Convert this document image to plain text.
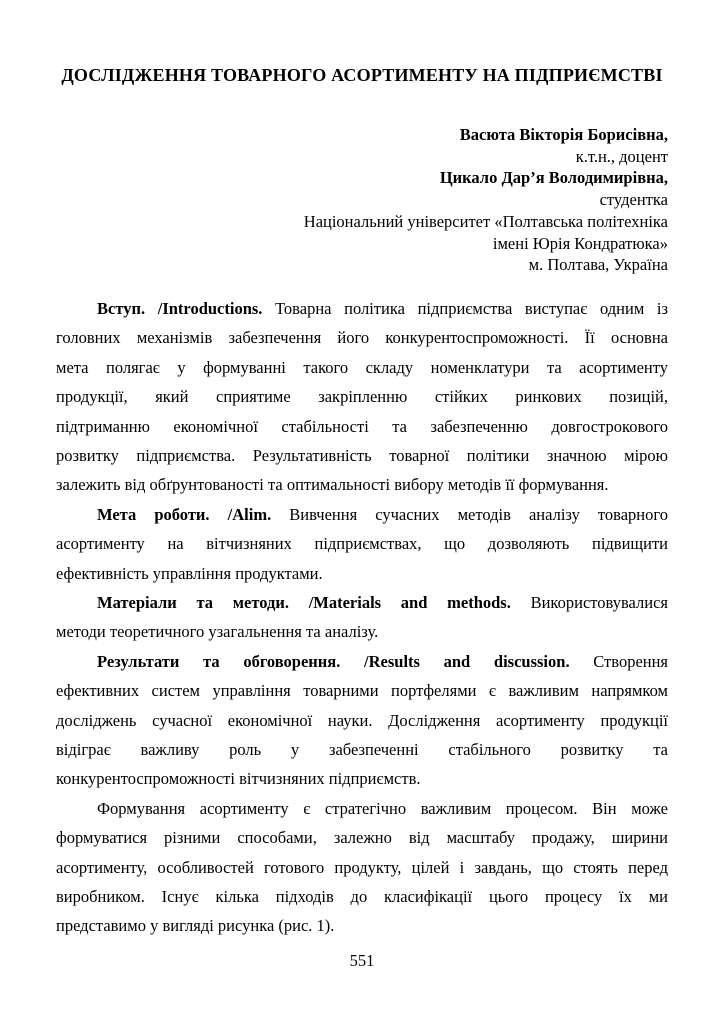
ДОСЛІДЖЕННЯ ТОВАРНОГО АСОРТИМЕНТУ НА ПІДПРИЄМСТВІ
Васюта Вікторія Борисівна,
к.т.н., доцент
Цикало Дар’я Володимирівна,
студентка
Національний університет «Полтавська політехніка
імені Юрія Кондратюка»
м. Полтава, Україна
Вступ. /Introductions. Товарна політика підприємства виступає одним із
головних механізмів забезпечення його конкурентоспроможності. Її основна
мета полягає у формуванні такого складу номенклатури та асортименту
продукції, який сприятиме закріпленню стійких ринкових позицій,
підтриманню економічної стабільності та забезпеченню довгострокового
розвитку підприємства. Результативність товарної політики значною мірою
залежить від обґрунтованості та оптимальності вибору методів її формування.
Мета роботи. /Alim. Вивчення сучасних методів аналізу товарного
асортименту на вітчизняних підприємствах, що дозволяють підвищити
ефективність управління продуктами.
Матеріали та методи. /Materials and methods. Використовувалися
методи теоретичного узагальнення та аналізу.
Результати та обговорення. /Results and discussion. Створення
ефективних систем управління товарними портфелями є важливим напрямком
досліджень сучасної економічної науки. Дослідження асортименту продукції
відіграє важливу роль у забезпеченні стабільного розвитку та
конкурентоспроможності вітчизняних підприємств.
Формування асортименту є стратегічно важливим процесом. Він може
формуватися різними способами, залежно від масштабу продажу, ширини
асортименту, особливостей готового продукту, цілей і завдань, що стоять перед
виробником. Існує кілька підходів до класифікації цього процесу їх ми
представимо у вигляді рисунка (рис. 1).
551
